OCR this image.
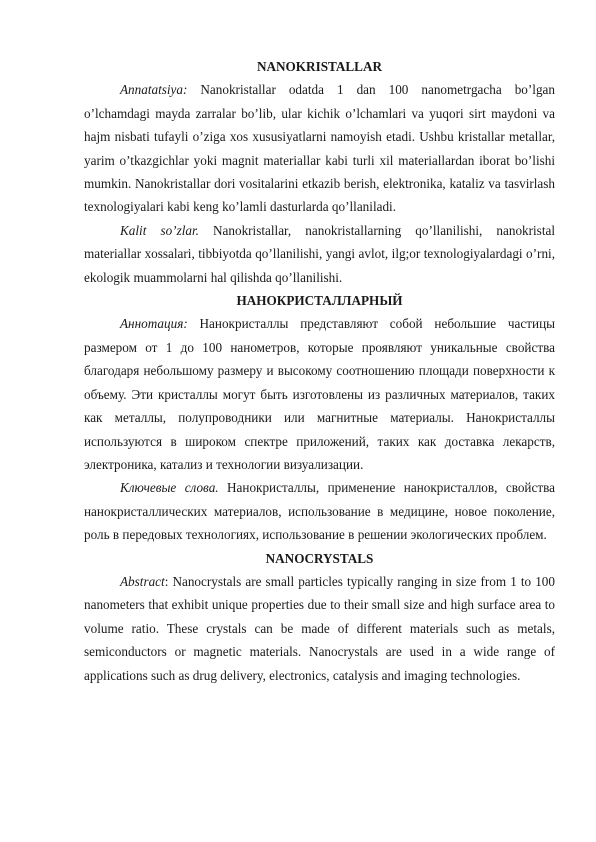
NANOKRISTALLAR

Annatatsiya: Nanokristallar odatda 1 dan 100 nanometrgacha bo’lgan o’lchamdagi mayda zarralar bo’lib, ular kichik o’lchamlari va yuqori sirt maydoni va hajm nisbati tufayli o’ziga xos xususiyatlarni namoyish etadi. Ushbu kristallar metallar, yarim o’tkazgichlar yoki magnit materiallar kabi turli xil materiallardan iborat bo’lishi mumkin. Nanokristallar dori vositalarini etkazib berish, elektronika, kataliz va tasvirlash texnologiyalari kabi keng ko’lamli dasturlarda qo’llaniladi.

Kalit so’zlar. Nanokristallar, nanokristallarning qo’llanilishi, nanokristal materiallar xossalari, tibbiyotda qo’llanilishi, yangi avlot, ilg;or texnologiyalardagi o’rni, ekologik muammolarni hal qilishda qo’llanilishi.

НАНОКРИСТАЛЛАРНЫЙ

Аннотация: Нанокристаллы представляют собой небольшие частицы размером от 1 до 100 нанометров, которые проявляют уникальные свойства благодаря небольшому размеру и высокому соотношению площади поверхности к объему. Эти кристаллы могут быть изготовлены из различных материалов, таких как металлы, полупроводники или магнитные материалы. Нанокристаллы используются в широком спектре приложений, таких как доставка лекарств, электроника, катализ и технологии визуализации.

Ключевые слова. Нанокристаллы, применение нанокристаллов, свойства нанокристаллических материалов, использование в медицине, новое поколение, роль в передовых технологиях, использование в решении экологических проблем.

NANOCRYSTALS

Abstract: Nanocrystals are small particles typically ranging in size from 1 to 100 nanometers that exhibit unique properties due to their small size and high surface area to volume ratio. These crystals can be made of different materials such as metals, semiconductors or magnetic materials. Nanocrystals are used in a wide range of applications such as drug delivery, electronics, catalysis and imaging technologies.
